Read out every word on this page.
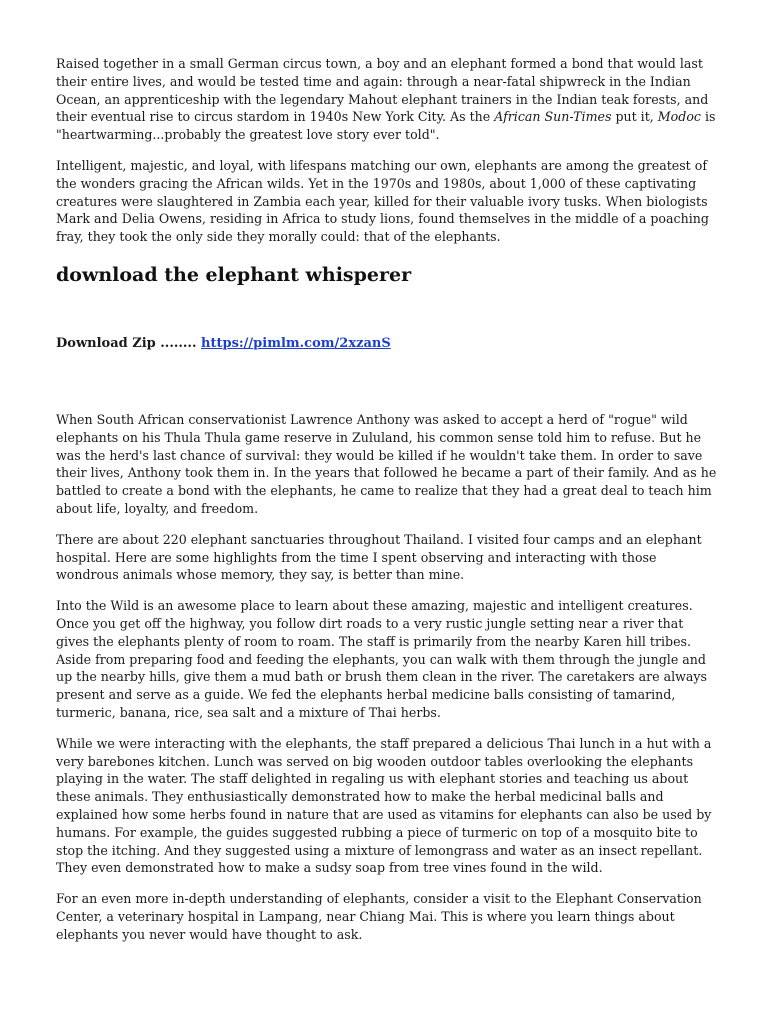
Raised together in a small German circus town, a boy and an elephant formed a bond that would last their entire lives, and would be tested time and again: through a near-fatal shipwreck in the Indian Ocean, an apprenticeship with the legendary Mahout elephant trainers in the Indian teak forests, and their eventual rise to circus stardom in 1940s New York City. As the African Sun-Times put it, Modoc is "heartwarming...probably the greatest love story ever told".

Intelligent, majestic, and loyal, with lifespans matching our own, elephants are among the greatest of the wonders gracing the African wilds. Yet in the 1970s and 1980s, about 1,000 of these captivating creatures were slaughtered in Zambia each year, killed for their valuable ivory tusks. When biologists Mark and Delia Owens, residing in Africa to study lions, found themselves in the middle of a poaching fray, they took the only side they morally could: that of the elephants.

download the elephant whisperer
Download Zip ........ https://pimlm.com/2xzanS

When South African conservationist Lawrence Anthony was asked to accept a herd of "rogue" wild elephants on his Thula Thula game reserve in Zululand, his common sense told him to refuse. But he was the herd's last chance of survival: they would be killed if he wouldn't take them. In order to save their lives, Anthony took them in. In the years that followed he became a part of their family. And as he battled to create a bond with the elephants, he came to realize that they had a great deal to teach him about life, loyalty, and freedom.

There are about 220 elephant sanctuaries throughout Thailand. I visited four camps and an elephant hospital. Here are some highlights from the time I spent observing and interacting with those wondrous animals whose memory, they say, is better than mine.

Into the Wild is an awesome place to learn about these amazing, majestic and intelligent creatures. Once you get off the highway, you follow dirt roads to a very rustic jungle setting near a river that gives the elephants plenty of room to roam. The staff is primarily from the nearby Karen hill tribes. Aside from preparing food and feeding the elephants, you can walk with them through the jungle and up the nearby hills, give them a mud bath or brush them clean in the river. The caretakers are always present and serve as a guide. We fed the elephants herbal medicine balls consisting of tamarind, turmeric, banana, rice, sea salt and a mixture of Thai herbs.

While we were interacting with the elephants, the staff prepared a delicious Thai lunch in a hut with a very barebones kitchen. Lunch was served on big wooden outdoor tables overlooking the elephants playing in the water. The staff delighted in regaling us with elephant stories and teaching us about these animals. They enthusiastically demonstrated how to make the herbal medicinal balls and explained how some herbs found in nature that are used as vitamins for elephants can also be used by humans. For example, the guides suggested rubbing a piece of turmeric on top of a mosquito bite to stop the itching. And they suggested using a mixture of lemongrass and water as an insect repellant. They even demonstrated how to make a sudsy soap from tree vines found in the wild.

For an even more in-depth understanding of elephants, consider a visit to the Elephant Conservation Center, a veterinary hospital in Lampang, near Chiang Mai. This is where you learn things about elephants you never would have thought to ask.
